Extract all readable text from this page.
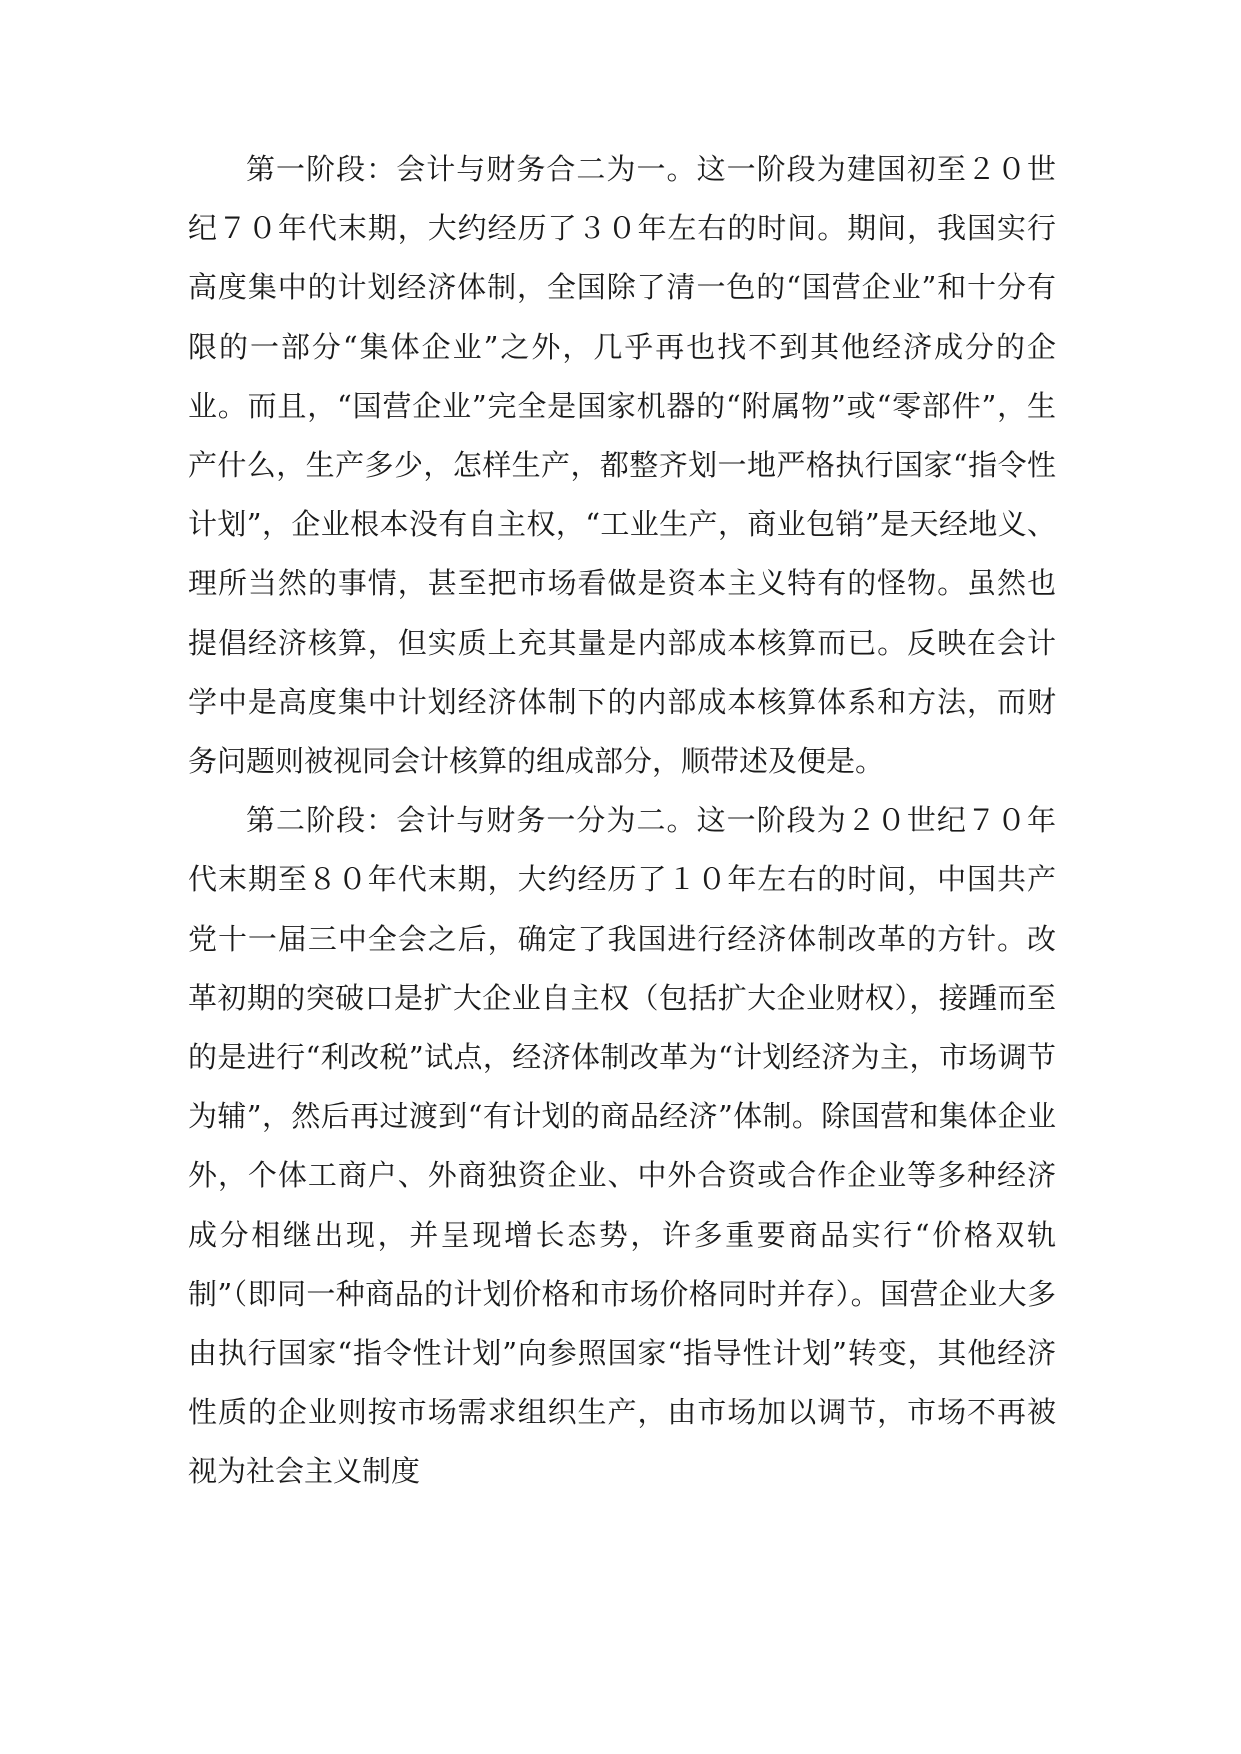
第一阶段：会计与财务合二为一。这一阶段为建国初至２０世纪７０年代末期，大约经历了３０年左右的时间。期间，我国实行高度集中的计划经济体制，全国除了清一色的“国营企业”和十分有限的一部分“集体企业”之外，几乎再也找不到其他经济成分的企业。而且，“国营企业”完全是国家机器的“附属物”或“零部件”，生产什么，生产多少，怎样生产，都整齐划一地严格执行国家“指令性计划”，企业根本没有自主权，“工业生产，商业包销”是天经地义、理所当然的事情，甚至把市场看做是资本主义特有的怪物。虽然也提倡经济核算，但实质上充其量是内部成本核算而已。反映在会计学中是高度集中计划经济体制下的内部成本核算体系和方法，而财务问题则被视同会计核算的组成部分，顺带述及便是。

第二阶段：会计与财务一分为二。这一阶段为２０世纪７０年代末期至８０年代末期，大约经历了１０年左右的时间，中国共产党十一届三中全会之后，确定了我国进行经济体制改革的方针。改革初期的突破口是扩大企业自主权（包括扩大企业财权），接踵而至的是进行“利改税”试点，经济体制改革为“计划经济为主，市场调节为辅”，然后再过渡到“有计划的商品经济”体制。除国营和集体企业外，个体工商户、外商独资企业、中外合资或合作企业等多种经济成分相继出现，并呈现增长态势，许多重要商品实行“价格双轨制”（即同一种商品的计划价格和市场价格同时并存）。国营企业大多由执行国家“指令性计划”向参照国家“指导性计划”转变，其他经济性质的企业则按市场需求组织生产，由市场加以调节，市场不再被视为社会主义制度
